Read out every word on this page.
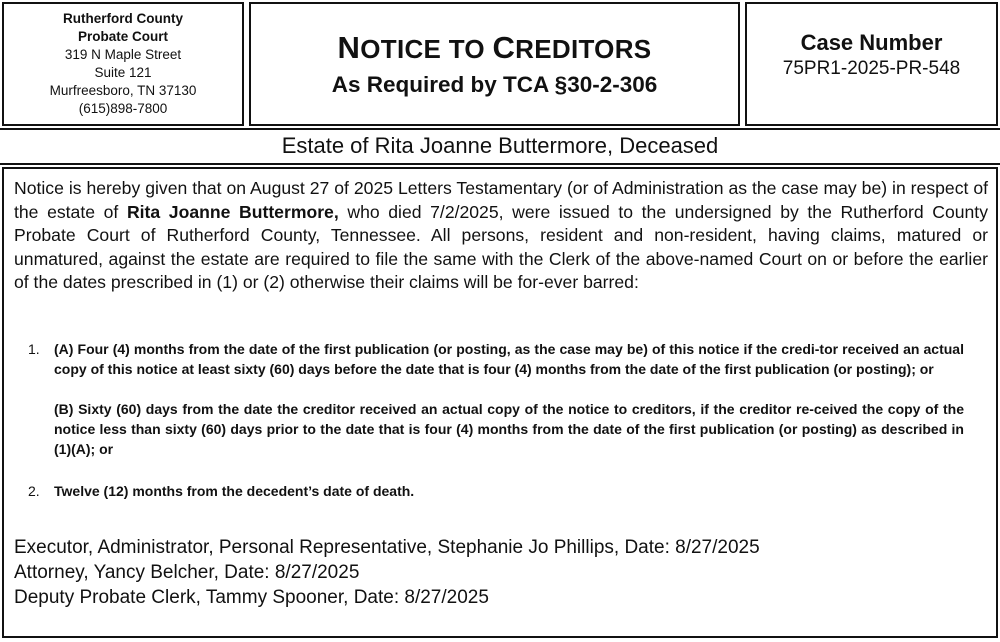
Rutherford County
Probate Court
319 N Maple Street
Suite 121
Murfreesboro, TN 37130
(615)898-7800
NOTICE TO CREDITORS
As Required by TCA §30-2-306
Case Number
75PR1-2025-PR-548
Estate of Rita Joanne Buttermore, Deceased
Notice is hereby given that on August 27 of 2025 Letters Testamentary (or of Administration as the case may be) in respect of the estate of Rita Joanne Buttermore, who died 7/2/2025, were issued to the undersigned by the Rutherford County Probate Court of Rutherford County, Tennessee. All persons, resident and non-resident, having claims, matured or unmatured, against the estate are required to file the same with the Clerk of the above-named Court on or before the earlier of the dates prescribed in (1) or (2) otherwise their claims will be for-ever barred:
1.	(A) Four (4) months from the date of the first publication (or posting, as the case may be) of this notice if the credi-tor received an actual copy of this notice at least sixty (60) days before the date that is four (4) months from the date of the first publication (or posting); or
(B) Sixty (60) days from the date the creditor received an actual copy of the notice to creditors, if the creditor re-ceived the copy of the notice less than sixty (60) days prior to the date that is four (4) months from the date of the first publication (or posting) as described in (1)(A); or
2.	Twelve (12) months from the decedent’s date of death.
Executor, Administrator, Personal Representative, Stephanie Jo Phillips, Date: 8/27/2025
Attorney, Yancy Belcher, Date: 8/27/2025
Deputy Probate Clerk, Tammy Spooner, Date: 8/27/2025
